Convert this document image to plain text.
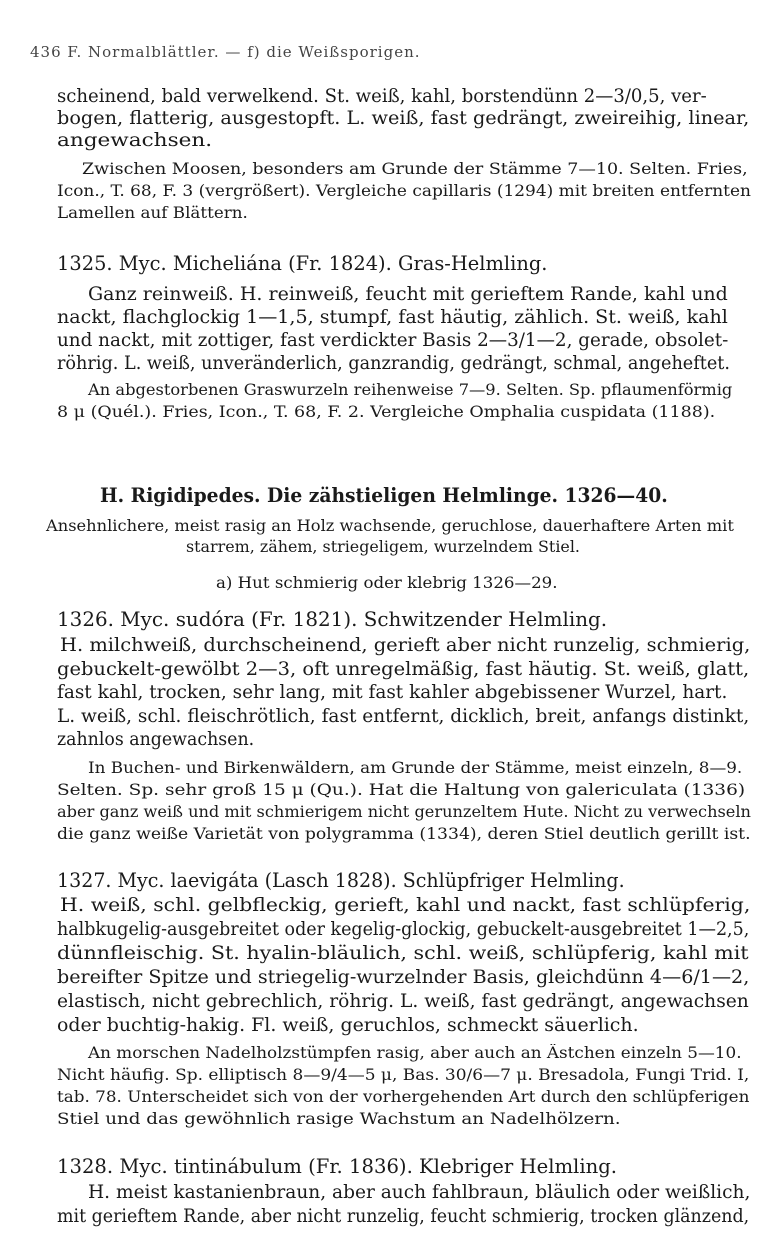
436 F. Normalblättler. — f) die Weißsporigen.
scheinend, bald verwelkend. St. weiß, kahl, borstendünn 2—3/0,5, ver-
bogen, flatterig, ausgestopft. L. weiß, fast gedrängt, zweireihig, linear,
angewachsen.
Zwischen Moosen, besonders am Grunde der Stämme 7—10. Selten. Fries,
Icon., T. 68, F. 3 (vergrößert). Vergleiche capillaris (1294) mit breiten entfernten
Lamellen auf Blättern.
1325. Myc. Micheliána (Fr. 1824). Gras-Helmling.
Ganz reinweiß. H. reinweiß, feucht mit gerieftem Rande, kahl und
nackt, flachglockig 1—1,5, stumpf, fast häutig, zählich. St. weiß, kahl
und nackt, mit zottiger, fast verdickter Basis 2—3/1—2, gerade, obsolet-
röhrig. L. weiß, unveränderlich, ganzrandig, gedrängt, schmal, angeheftet.
An abgestorbenen Graswurzeln reihenweise 7—9. Selten. Sp. pflaumenförmig
8 μ (Quél.). Fries, Icon., T. 68, F. 2. Vergleiche Omphalia cuspidata (1188).
H. Rigidipedes. Die zähstieligen Helmlinge. 1326—40.
Ansehnlichere, meist rasig an Holz wachsende, geruchlose, dauerhaftere Arten mit
starrem, zähem, striegeligem, wurzelndem Stiel.
a) Hut schmierig oder klebrig 1326—29.
1326. Myc. sudóra (Fr. 1821). Schwitzender Helmling.
H. milchweiß, durchscheinend, gerieft aber nicht runzelig, schmierig,
gebuckelt-gewölbt 2—3, oft unregelmäßig, fast häutig. St. weiß, glatt,
fast kahl, trocken, sehr lang, mit fast kahler abgebissener Wurzel, hart.
L. weiß, schl. fleischrötlich, fast entfernt, dicklich, breit, anfangs distinkt,
zahnlos angewachsen.
In Buchen- und Birkenwäldern, am Grunde der Stämme, meist einzeln, 8—9.
Selten. Sp. sehr groß 15 μ (Qu.). Hat die Haltung von galericulata (1336)
aber ganz weiß und mit schmierigem nicht gerunzeltem Hute. Nicht zu verwechseln
die ganz weiße Varietät von polygramma (1334), deren Stiel deutlich gerillt ist.
1327. Myc. laevigáta (Lasch 1828). Schlüpfriger Helmling.
H. weiß, schl. gelbfleckig, gerieft, kahl und nackt, fast schlüpferig,
halbkugelig-ausgebreitet oder kegelig-glockig, gebuckelt-ausgebreitet 1—2,5,
dünnfleischig. St. hyalin-bläulich, schl. weiß, schlüpferig, kahl mit
bereifter Spitze und striegelig-wurzelnder Basis, gleichdünn 4—6/1—2,
elastisch, nicht gebrechlich, röhrig. L. weiß, fast gedrängt, angewachsen
oder buchtig-hakig. Fl. weiß, geruchlos, schmeckt säuerlich.
An morschen Nadelholzstümpfen rasig, aber auch an Ästchen einzeln 5—10.
Nicht häufig. Sp. elliptisch 8—9/4—5 μ, Bas. 30/6—7 μ. Bresadola, Fungi Trid. I,
tab. 78. Unterscheidet sich von der vorhergehenden Art durch den schlüpferigen
Stiel und das gewöhnlich rasige Wachstum an Nadelhölzern.
1328. Myc. tintinábulum (Fr. 1836). Klebriger Helmling.
H. meist kastanienbraun, aber auch fahlbraun, bläulich oder weißlich,
mit gerieftem Rande, aber nicht runzelig, feucht schmierig, trocken glänzend,
